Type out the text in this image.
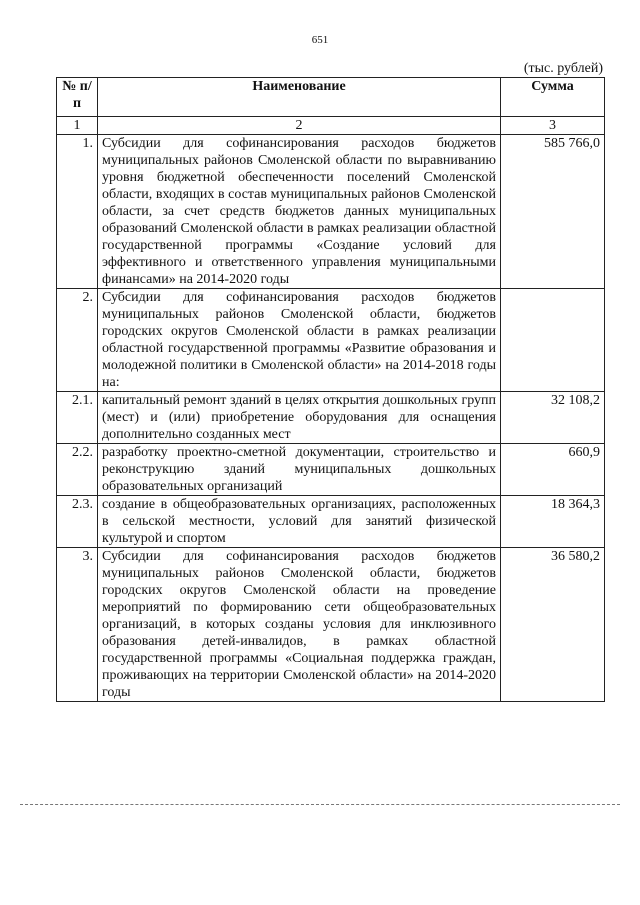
651
(тыс. рублей)
№ п/п	Наименование	Сумма
1	2	3
1.	Субсидии для софинансирования расходов бюджетов муниципальных районов Смоленской области по выравниванию уровня бюджетной обеспеченности поселений Смоленской области, входящих в состав муниципальных районов Смоленской области, за счет средств бюджетов данных муниципальных образований Смоленской области в рамках реализации областной государственной программы «Создание условий для эффективного и ответственного управления муниципальными финансами» на 2014-2020 годы	585 766,0
2.	Субсидии для софинансирования расходов бюджетов муниципальных районов Смоленской области, бюджетов городских округов Смоленской области в рамках реализации областной государственной программы «Развитие образования и молодежной политики в Смоленской области» на 2014-2018 годы на:	
2.1.	капитальный ремонт зданий в целях открытия дошкольных групп (мест) и (или) приобретение оборудования для оснащения дополнительно созданных мест	32 108,2
2.2.	разработку проектно-сметной документации, строительство и реконструкцию зданий муниципальных дошкольных образовательных организаций	660,9
2.3.	создание в общеобразовательных организациях, расположенных в сельской местности, условий для занятий физической культурой и спортом	18 364,3
3.	Субсидии для софинансирования расходов бюджетов муниципальных районов Смоленской области, бюджетов городских округов Смоленской области на проведение мероприятий по формированию сети общеобразовательных организаций, в которых созданы условия для инклюзивного образования детей-инвалидов, в рамках областной государственной программы «Социальная поддержка граждан, проживающих на территории Смоленской области» на 2014-2020 годы	36 580,2
